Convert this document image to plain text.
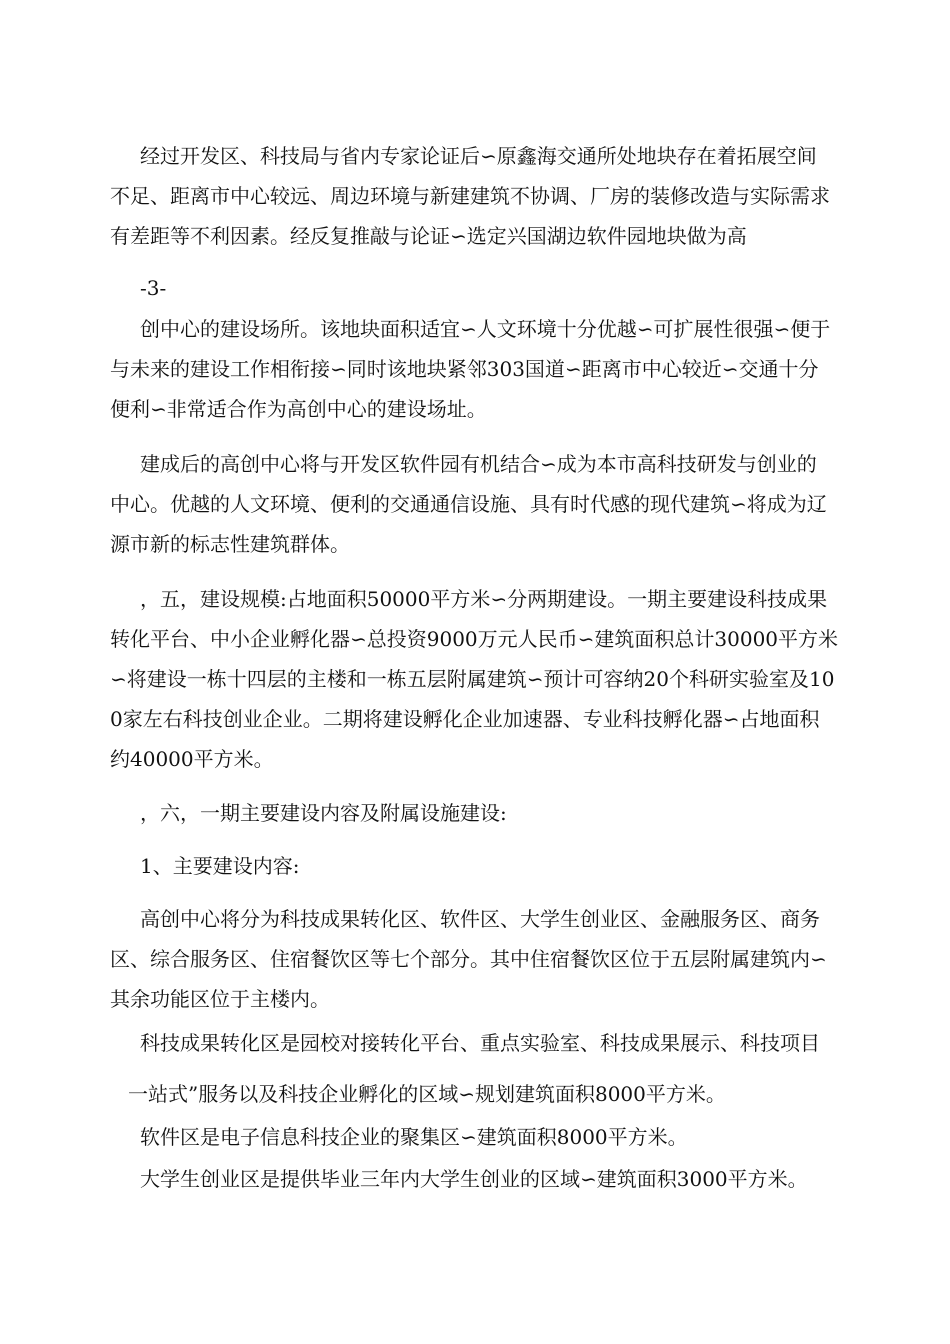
经过开发区、科技局与省内专家论证后∽原鑫海交通所处地块存在着拓展空间
不足、距离市中心较远、周边环境与新建建筑不协调、厂房的装修改造与实际需求
有差距等不利因素。经反复推敲与论证∽选定兴国湖边软件园地块做为高
-3-
创中心的建设场所。该地块面积适宜∽人文环境十分优越∽可扩展性很强∽便于
与未来的建设工作相衔接∽同时该地块紧邻303国道∽距离市中心较近∽交通十分
便利∽非常适合作为高创中心的建设场址。
建成后的高创中心将与开发区软件园有机结合∽成为本市高科技研发与创业的
中心。优越的人文环境、便利的交通通信设施、具有时代感的现代建筑∽将成为辽
源市新的标志性建筑群体。
，五，建设规模:占地面积50000平方米∽分两期建设。一期主要建设科技成果
转化平台、中小企业孵化器∽总投资9000万元人民币∽建筑面积总计30000平方米
∽将建设一栋十四层的主楼和一栋五层附属建筑∽预计可容纳20个科研实验室及10
0家左右科技创业企业。二期将建设孵化企业加速器、专业科技孵化器∽占地面积
约40000平方米。
，六，一期主要建设内容及附属设施建设:
1、主要建设内容:
高创中心将分为科技成果转化区、软件区、大学生创业区、金融服务区、商务
区、综合服务区、住宿餐饮区等七个部分。其中住宿餐饮区位于五层附属建筑内∽
其余功能区位于主楼内。
科技成果转化区是园校对接转化平台、重点实验室、科技成果展示、科技项目
一站式”服务以及科技企业孵化的区域∽规划建筑面积8000平方米。
软件区是电子信息科技企业的聚集区∽建筑面积8000平方米。
大学生创业区是提供毕业三年内大学生创业的区域∽建筑面积3000平方米。
